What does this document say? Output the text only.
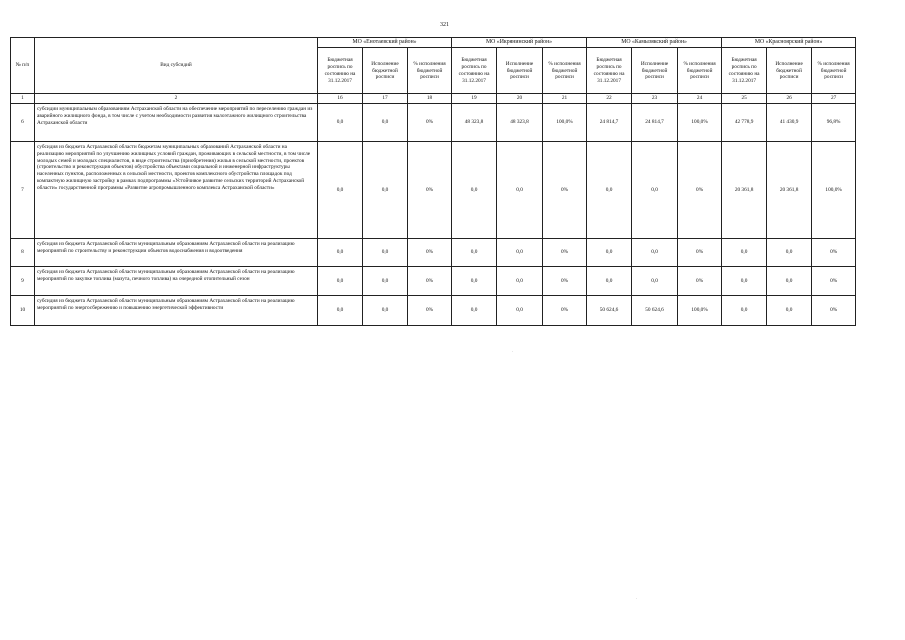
321
№ п/п	Вид субсидий	МО «Енотаевский район»			МО «Икрянинский район»			МО «Камызякский район»			МО «Красноярский район»		
		Бюджетная роспись по состоянию на 31.12.2017	Исполнение бюджетной росписи	% исполнения бюджетной росписи	Бюджетная роспись по состоянию на 31.12.2017	Исполнение бюджетной росписи	% исполнения бюджетной росписи	Бюджетная роспись по состоянию на 31.12.2017	Исполнение бюджетной росписи	% исполнения бюджетной росписи	Бюджетная роспись по состоянию на 31.12.2017	Исполнение бюджетной росписи	% исполнения бюджетной росписи
1	2	16	17	18	19	20	21	22	23	24	25	26	27
6	субсидии муниципальным образованиям Астраханской области на обеспечение мероприятий по переселению граждан из аварийного жилищного фонда, в том числе с учетом необходимости развития малоэтажного жилищного строительства Астраханской области	0,0	0,0	0%	48 323,8	48 323,8	100,0%	24 814,7	24 814,7	100,0%	42 778,9	41 430,9	96,8%
7	субсидия из бюджета Астраханской области бюджетам муниципальных образований Астраханской области на реализацию мероприятий по улучшению жилищных условий граждан, проживающих в сельской местности, в том числе молодых семей и молодых специалистов, в виде строительства (приобретения) жилья в сельской местности, проектов (строительство и реконструкция объектов) обустройства объектами социальной и инженерной инфраструктуры населенных пунктов, расположенных в сельской местности, проектов комплексного обустройства площадок под компактную жилищную застройку в рамках подпрограммы «Устойчивое развитие сельских территорий Астраханской области» государственной программы «Развитие агропромышленного комплекса Астраханской области»	0,0	0,0	0%	0,0	0,0	0%	0,0	0,0	0%	20 361,8	20 361,8	100,0%
8	субсидия из бюджета Астраханской области муниципальным образованиям Астраханской области на реализацию мероприятий по строительству и реконструкции объектов водоснабжения и водоотведения	0,0	0,0	0%	0,0	0,0	0%	0,0	0,0	0%	0,0	0,0	0%
9	субсидия из бюджета Астраханской области муниципальным образованиям Астраханской области на реализацию мероприятий по закупке топлива (мазута, печного топлива) на очередной отопительный сезон	0,0	0,0	0%	0,0	0,0	0%	0,0	0,0	0%	0,0	0,0	0%
10	субсидия из бюджета Астраханской области муниципальным образованиям Астраханской области на реализацию мероприятий по энергосбережению и повышению энергетической эффективности	0,0	0,0	0%	0,0	0,0	0%	50 624,6	50 624,6	100,0%	0,0	0,0	0%
·
·
